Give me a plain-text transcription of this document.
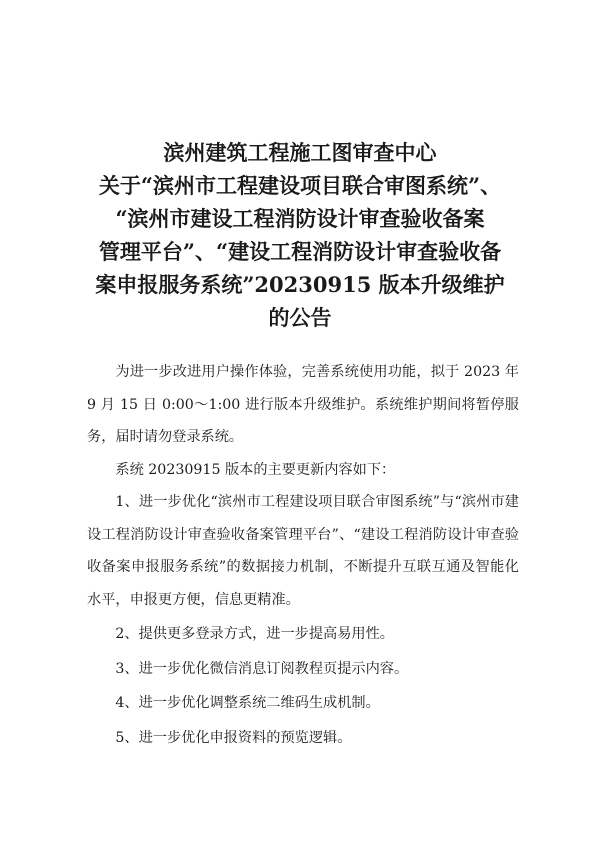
滨州建筑工程施工图审查中心
关于“滨州市工程建设项目联合审图系统”、
“滨州市建设工程消防设计审查验收备案
管理平台”、“建设工程消防设计审查验收备
案申报服务系统”20230915 版本升级维护
的公告

为进一步改进用户操作体验，完善系统使用功能，拟于 2023 年 9 月 15 日 0:00～1:00 进行版本升级维护。系统维护期间将暂停服务，届时请勿登录系统。

系统 20230915 版本的主要更新内容如下：

1、进一步优化“滨州市工程建设项目联合审图系统”与“滨州市建设工程消防设计审查验收备案管理平台”、“建设工程消防设计审查验收备案申报服务系统”的数据接力机制，不断提升互联互通及智能化水平，申报更方便，信息更精准。

2、提供更多登录方式，进一步提高易用性。

3、进一步优化微信消息订阅教程页提示内容。

4、进一步优化调整系统二维码生成机制。

5、进一步优化申报资料的预览逻辑。
